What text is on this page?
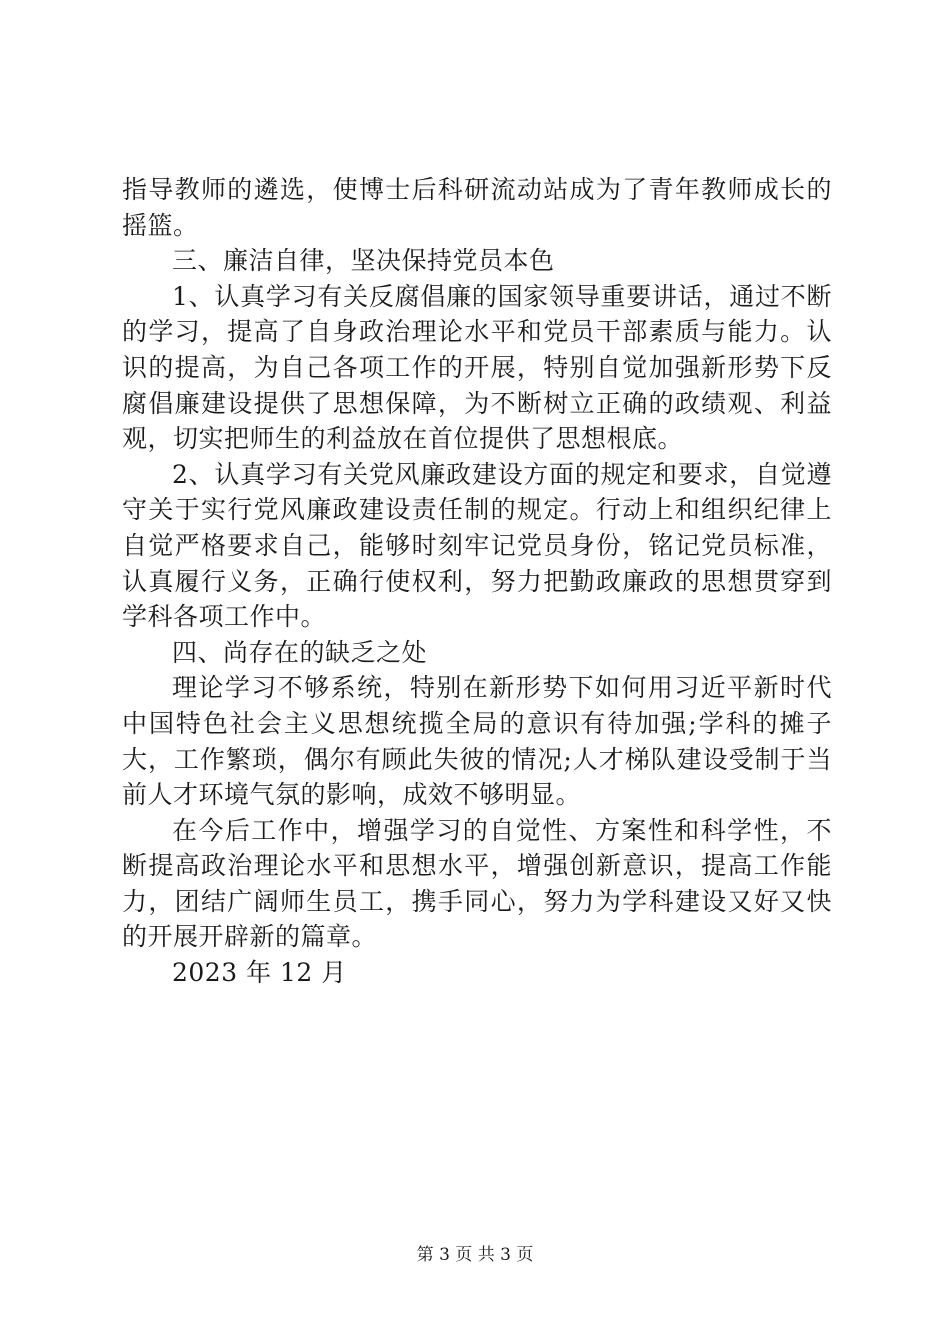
指导教师的遴选，使博士后科研流动站成为了青年教师成长的摇篮。

三、廉洁自律，坚决保持党员本色

1、认真学习有关反腐倡廉的国家领导重要讲话，通过不断的学习，提高了自身政治理论水平和党员干部素质与能力。认识的提高，为自己各项工作的开展，特别自觉加强新形势下反腐倡廉建设提供了思想保障，为不断树立正确的政绩观、利益观，切实把师生的利益放在首位提供了思想根底。

2、认真学习有关党风廉政建设方面的规定和要求，自觉遵守关于实行党风廉政建设责任制的规定。行动上和组织纪律上自觉严格要求自己，能够时刻牢记党员身份，铭记党员标准，认真履行义务，正确行使权利，努力把勤政廉政的思想贯穿到学科各项工作中。

四、尚存在的缺乏之处

理论学习不够系统，特别在新形势下如何用习近平新时代中国特色社会主义思想统揽全局的意识有待加强;学科的摊子大，工作繁琐，偶尔有顾此失彼的情况;人才梯队建设受制于当前人才环境气氛的影响，成效不够明显。

在今后工作中，增强学习的自觉性、方案性和科学性，不断提高政治理论水平和思想水平，增强创新意识，提高工作能力，团结广阔师生员工，携手同心，努力为学科建设又好又快的开展开辟新的篇章。

2023 年 12 月

第 3 页 共 3 页
